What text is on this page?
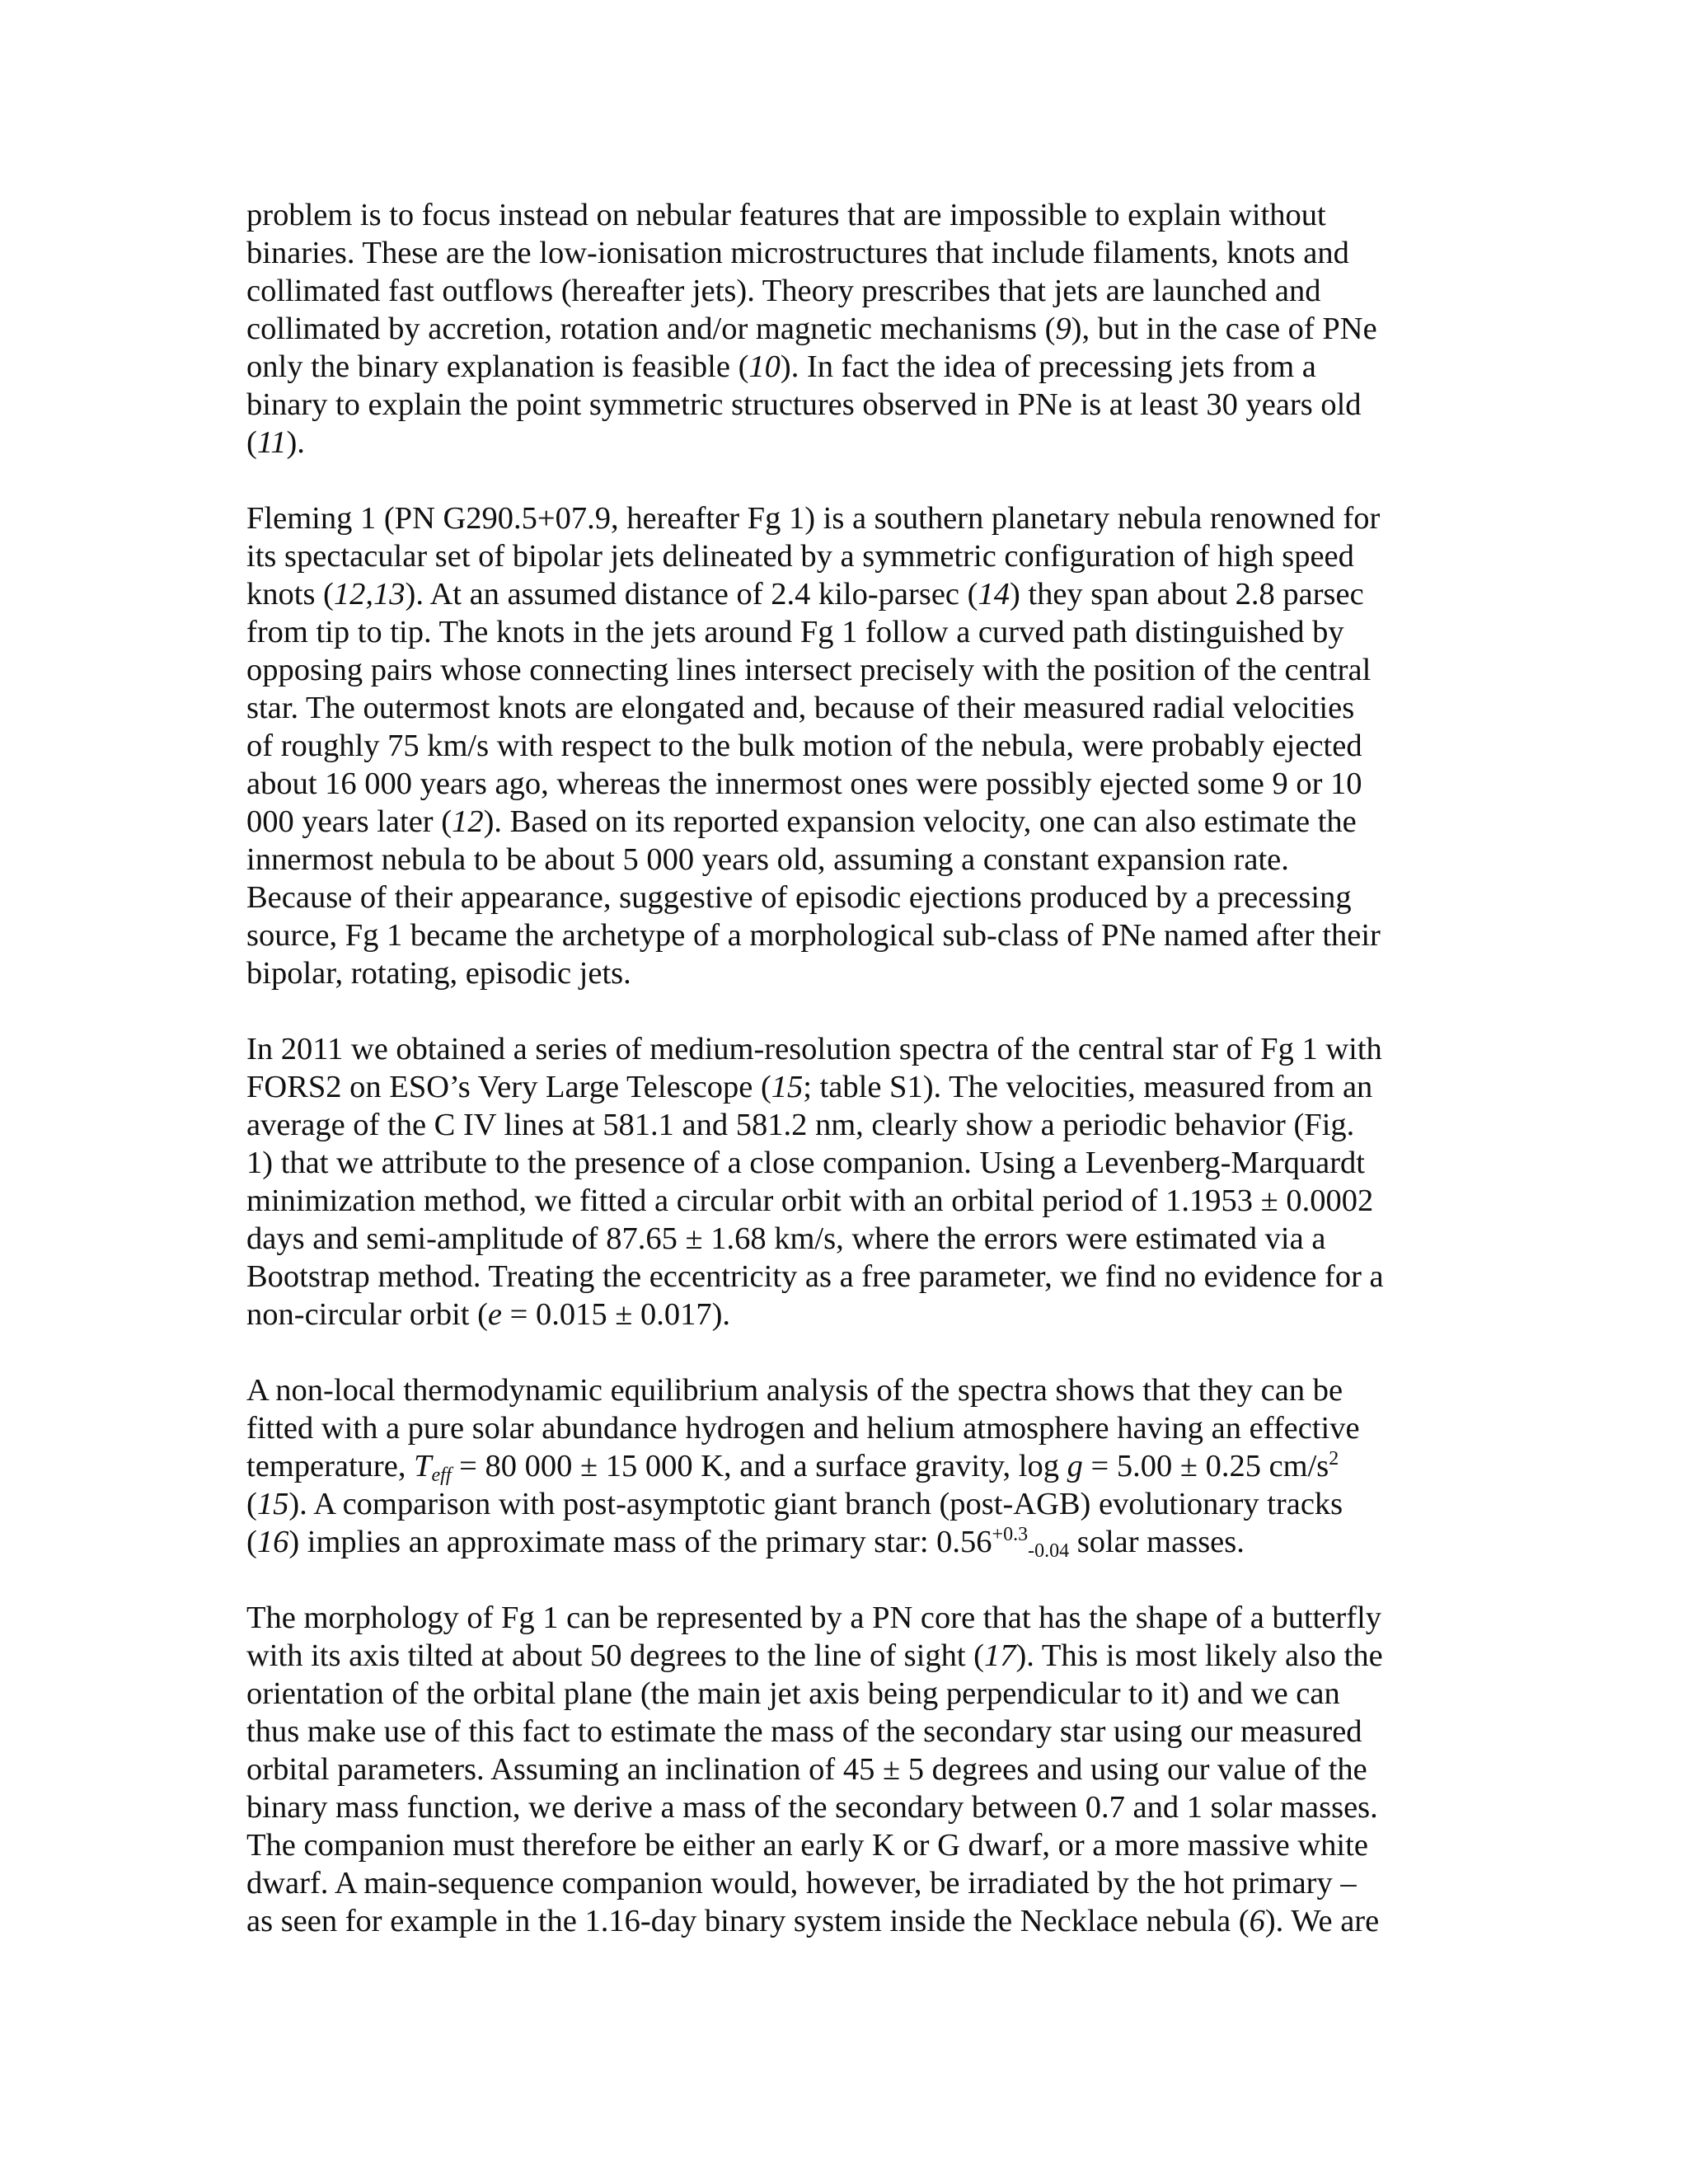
problem is to focus instead on nebular features that are impossible to explain without
binaries. These are the low-ionisation microstructures that include filaments, knots and
collimated fast outflows (hereafter jets). Theory prescribes that jets are launched and
collimated by accretion, rotation and/or magnetic mechanisms (9), but in the case of PNe
only the binary explanation is feasible (10). In fact the idea of precessing jets from a
binary to explain the point symmetric structures observed in PNe is at least 30 years old
(11).
Fleming 1 (PN G290.5+07.9, hereafter Fg 1) is a southern planetary nebula renowned for
its spectacular set of bipolar jets delineated by a symmetric configuration of high speed
knots (12,13). At an assumed distance of 2.4 kilo-parsec (14) they span about 2.8 parsec
from tip to tip. The knots in the jets around Fg 1 follow a curved path distinguished by
opposing pairs whose connecting lines intersect precisely with the position of the central
star. The outermost knots are elongated and, because of their measured radial velocities
of roughly 75 km/s with respect to the bulk motion of the nebula, were probably ejected
about 16 000 years ago, whereas the innermost ones were possibly ejected some 9 or 10
000 years later (12). Based on its reported expansion velocity, one can also estimate the
innermost nebula to be about 5 000 years old, assuming a constant expansion rate.
Because of their appearance, suggestive of episodic ejections produced by a precessing
source, Fg 1 became the archetype of a morphological sub-class of PNe named after their
bipolar, rotating, episodic jets.
In 2011 we obtained a series of medium-resolution spectra of the central star of Fg 1 with
FORS2 on ESO’s Very Large Telescope (15; table S1). The velocities, measured from an
average of the C IV lines at 581.1 and 581.2 nm, clearly show a periodic behavior (Fig.
1) that we attribute to the presence of a close companion. Using a Levenberg-Marquardt
minimization method, we fitted a circular orbit with an orbital period of 1.1953 ± 0.0002
days and semi-amplitude of 87.65 ± 1.68 km/s, where the errors were estimated via a
Bootstrap method. Treating the eccentricity as a free parameter, we find no evidence for a
non-circular orbit (e = 0.015 ± 0.017).
A non-local thermodynamic equilibrium analysis of the spectra shows that they can be
fitted with a pure solar abundance hydrogen and helium atmosphere having an effective
temperature, $T_{eff} = 80$ 000 ± 15 000 K, and a surface gravity, log g = 5.00 ± 0.25 $cm/s^2$
(15). A comparison with post-asymptotic giant branch (post-AGB) evolutionary tracks
(16) implies an approximate mass of the primary star: $0.56^{+0.3}_{-0.04}$ solar masses.
The morphology of Fg 1 can be represented by a PN core that has the shape of a butterfly
with its axis tilted at about 50 degrees to the line of sight (17). This is most likely also the
orientation of the orbital plane (the main jet axis being perpendicular to it) and we can
thus make use of this fact to estimate the mass of the secondary star using our measured
orbital parameters. Assuming an inclination of 45 ± 5 degrees and using our value of the
binary mass function, we derive a mass of the secondary between 0.7 and 1 solar masses.
The companion must therefore be either an early K or G dwarf, or a more massive white
dwarf. A main-sequence companion would, however, be irradiated by the hot primary –
as seen for example in the 1.16-day binary system inside the Necklace nebula (6). We are
